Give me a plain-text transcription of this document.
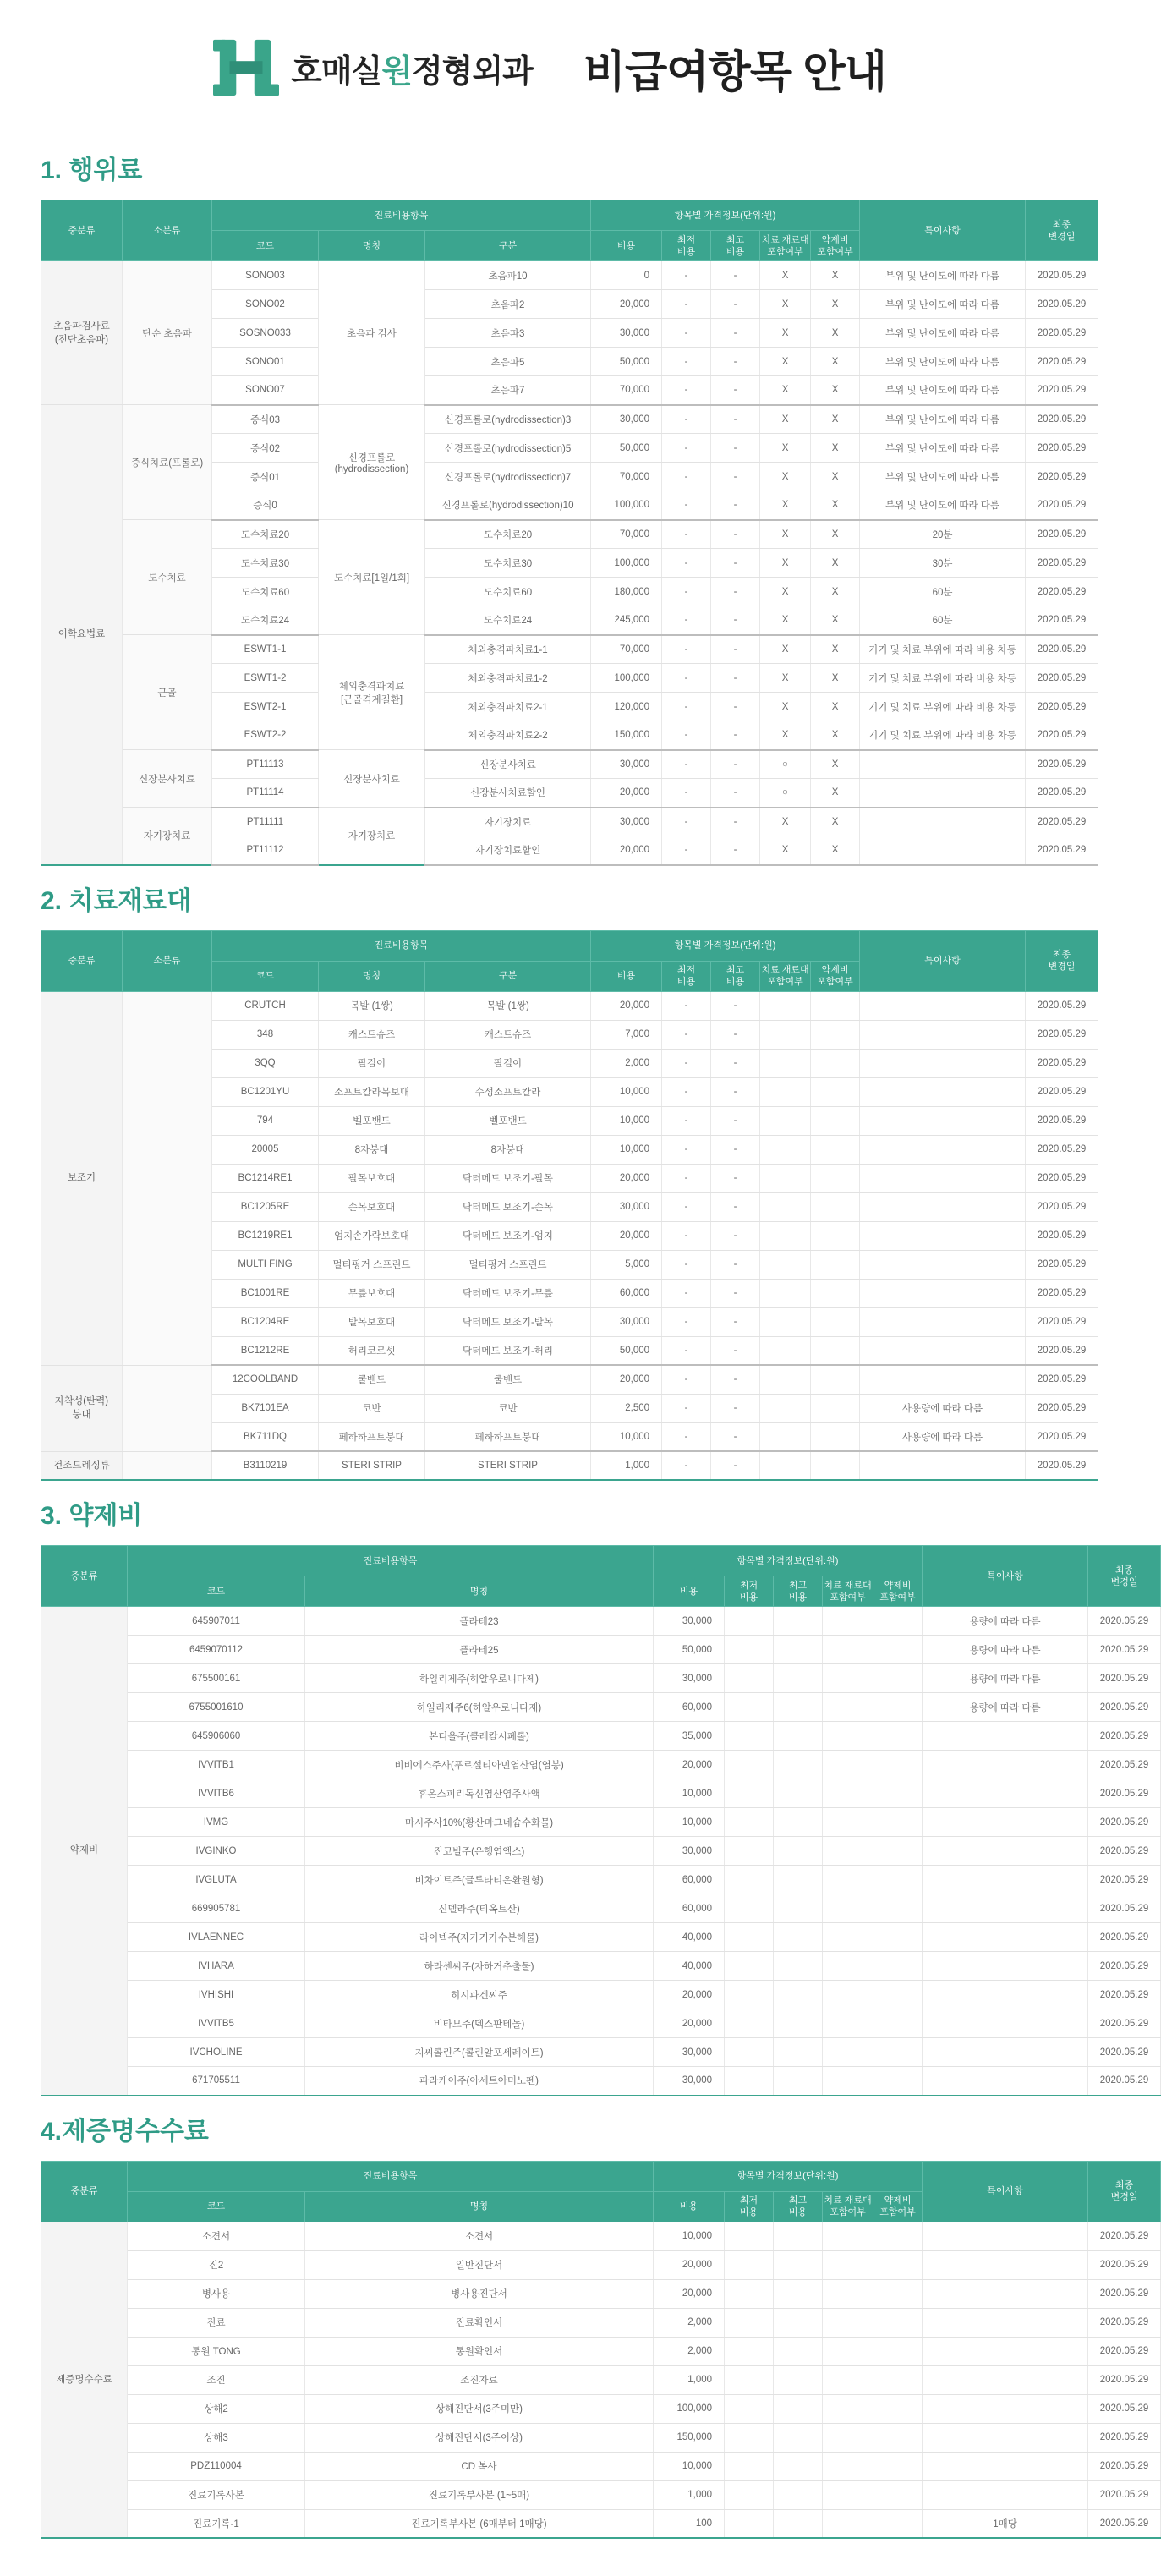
호매실원정형외과 비급여항목 안내
1. 행위료
중분류	소분류	진료비용항목			항목별 가격정보(단위:원)					특이사항	최종
변경일
		코드	명칭	구분	비용	최저
비용	최고
비용	치료 재료대
포함여부	약제비
포함여부		
초음파검사료
(진단초음파)	단순 초음파	SONO03	초음파 검사	초음파10	0	-	-	X	X	부위 및 난이도에 따라 다름	2020.05.29
		SONO02		초음파2	20,000	-	-	X	X	부위 및 난이도에 따라 다름	2020.05.29
		SOSNO033		초음파3	30,000	-	-	X	X	부위 및 난이도에 따라 다름	2020.05.29
		SONO01		초음파5	50,000	-	-	X	X	부위 및 난이도에 따라 다름	2020.05.29
		SONO07		초음파7	70,000	-	-	X	X	부위 및 난이도에 따라 다름	2020.05.29
이학요법료	증식치료(프롤로)	증식03	신경프롤로
(hydrodissection)	신경프롤로(hydrodissection)3	30,000	-	-	X	X	부위 및 난이도에 따라 다름	2020.05.29
		증식02		신경프롤로(hydrodissection)5	50,000	-	-	X	X	부위 및 난이도에 따라 다름	2020.05.29
		증식01		신경프롤로(hydrodissection)7	70,000	-	-	X	X	부위 및 난이도에 따라 다름	2020.05.29
		증식0		신경프롤로(hydrodissection)10	100,000	-	-	X	X	부위 및 난이도에 따라 다름	2020.05.29
	도수치료	도수치료20	도수치료[1일/1회]	도수치료20	70,000	-	-	X	X	20분	2020.05.29
		도수치료30		도수치료30	100,000	-	-	X	X	30분	2020.05.29
		도수치료60		도수치료60	180,000	-	-	X	X	60분	2020.05.29
		도수치료24		도수치료24	245,000	-	-	X	X	60분	2020.05.29
	근골	ESWT1-1	체외충격파치료
[근골격계질환]	체외충격파치료1-1	70,000	-	-	X	X	기기 및 치료 부위에 따라 비용 차등	2020.05.29
		ESWT1-2		체외충격파치료1-2	100,000	-	-	X	X	기기 및 치료 부위에 따라 비용 차등	2020.05.29
		ESWT2-1		체외충격파치료2-1	120,000	-	-	X	X	기기 및 치료 부위에 따라 비용 차등	2020.05.29
		ESWT2-2		체외충격파치료2-2	150,000	-	-	X	X	기기 및 치료 부위에 따라 비용 차등	2020.05.29
	신장분사치료	PT11113	신장분사치료	신장분사치료	30,000	-	-	○	X		2020.05.29
		PT11114		신장분사치료할인	20,000	-	-	○	X		2020.05.29
	자기장치료	PT11111	자기장치료	자기장치료	30,000	-	-	X	X		2020.05.29
		PT11112		자기장치료할인	20,000	-	-	X	X		2020.05.29
2. 치료재료대
중분류	소분류	진료비용항목			항목별 가격정보(단위:원)					특이사항	최종
변경일
		코드	명칭	구분	비용	최저
비용	최고
비용	치료 재료대
포함여부	약제비
포함여부		
보조기		CRUTCH	목발 (1쌍)	목발 (1쌍)	20,000	-	-				2020.05.29
		348	캐스트슈즈	캐스트슈즈	7,000	-	-				2020.05.29
		3QQ	팔걸이	팔걸이	2,000	-	-				2020.05.29
		BC1201YU	소프트칼라목보대	수성소프트칼라	10,000	-	-				2020.05.29
		794	벨포밴드	벨포밴드	10,000	-	-				2020.05.29
		20005	8자붕대	8자붕대	10,000	-	-				2020.05.29
		BC1214RE1	팔목보호대	닥터메드 보조기-팔목	20,000	-	-				2020.05.29
		BC1205RE	손목보호대	닥터메드 보조기-손목	30,000	-	-				2020.05.29
		BC1219RE1	엄지손가락보호대	닥터메드 보조기-엄지	20,000	-	-				2020.05.29
		MULTI FING	멀티핑거 스프린트	멀티핑거 스프린트	5,000	-	-				2020.05.29
		BC1001RE	무릎보호대	닥터메드 보조기-무릎	60,000	-	-				2020.05.29
		BC1204RE	발목보호대	닥터메드 보조기-발목	30,000	-	-				2020.05.29
		BC1212RE	허리코르셋	닥터메드 보조기-허리	50,000	-	-				2020.05.29
자착성(탄력)
붕대		12COOLBAND	쿨밴드	쿨밴드	20,000	-	-				2020.05.29
		BK7101EA	코반	코반	2,500	-	-			사용량에 따라 다름	2020.05.29
		BK711DQ	페하하프트붕대	페하하프트붕대	10,000	-	-			사용량에 따라 다름	2020.05.29
건조드레싱류		B3110219	STERI STRIP	STERI STRIP	1,000	-	-				2020.05.29
3. 약제비
중분류	진료비용항목		항목별 가격정보(단위:원)					특이사항	최종
변경일
	코드	명칭	비용	최저
비용	최고
비용	치료 재료대
포함여부	약제비
포함여부		
약제비	645907011	플라테23	30,000					용량에 따라 다름	2020.05.29
	6459070112	플라테25	50,000					용량에 따라 다름	2020.05.29
	675500161	하일리제주(히알우로니다제)	30,000					용량에 따라 다름	2020.05.29
	6755001610	하일리제주6(히알우로니다제)	60,000					용량에 따라 다름	2020.05.29
	645906060	본디올주(콜레칼시페롤)	35,000						2020.05.29
	IVVITB1	비비에스주사(푸르설티아민염산염(염봉)	20,000						2020.05.29
	IVVITB6	휴온스피리독신염산염주사액	10,000						2020.05.29
	IVMG	마시주사10%(황산마그네슘수화물)	10,000						2020.05.29
	IVGINKO	진코빌주(은행엽엑스)	30,000						2020.05.29
	IVGLUTA	비차이트주(글루타티온환원형)	60,000						2020.05.29
	669905781	신델라주(티옥트산)	60,000						2020.05.29
	IVLAENNEC	라이넥주(자가거가수분해물)	40,000						2020.05.29
	IVHARA	하라센씨주(자하거추출물)	40,000						2020.05.29
	IVHISHI	히시파겐씨주	20,000						2020.05.29
	IVVITB5	비타모주(덱스판테놀)	20,000						2020.05.29
	IVCHOLINE	지씨콜린주(콜린알포세레이트)	30,000						2020.05.29
	671705511	파라케이주(아세트아미노펜)	30,000						2020.05.29
4.제증명수수료
중분류	진료비용항목		항목별 가격정보(단위:원)					특이사항	최종
변경일
	코드	명칭	비용	최저
비용	최고
비용	치료 재료대
포함여부	약제비
포함여부		
제증명수수료	소견서	소견서	10,000						2020.05.29
	진2	일반진단서	20,000						2020.05.29
	병사용	병사용진단서	20,000						2020.05.29
	진료	진료확인서	2,000						2020.05.29
	통원 TONG	통원확인서	2,000						2020.05.29
	조진	조진자료	1,000						2020.05.29
	상해2	상해진단서(3주미만)	100,000						2020.05.29
	상해3	상해진단서(3주이상)	150,000						2020.05.29
	PDZ110004	CD 복사	10,000						2020.05.29
	진료기록사본	진료기록부사본 (1~5매)	1,000						2020.05.29
	진료기록-1	진료기록부사본 (6매부터 1매당)	100					1매당	2020.05.29
